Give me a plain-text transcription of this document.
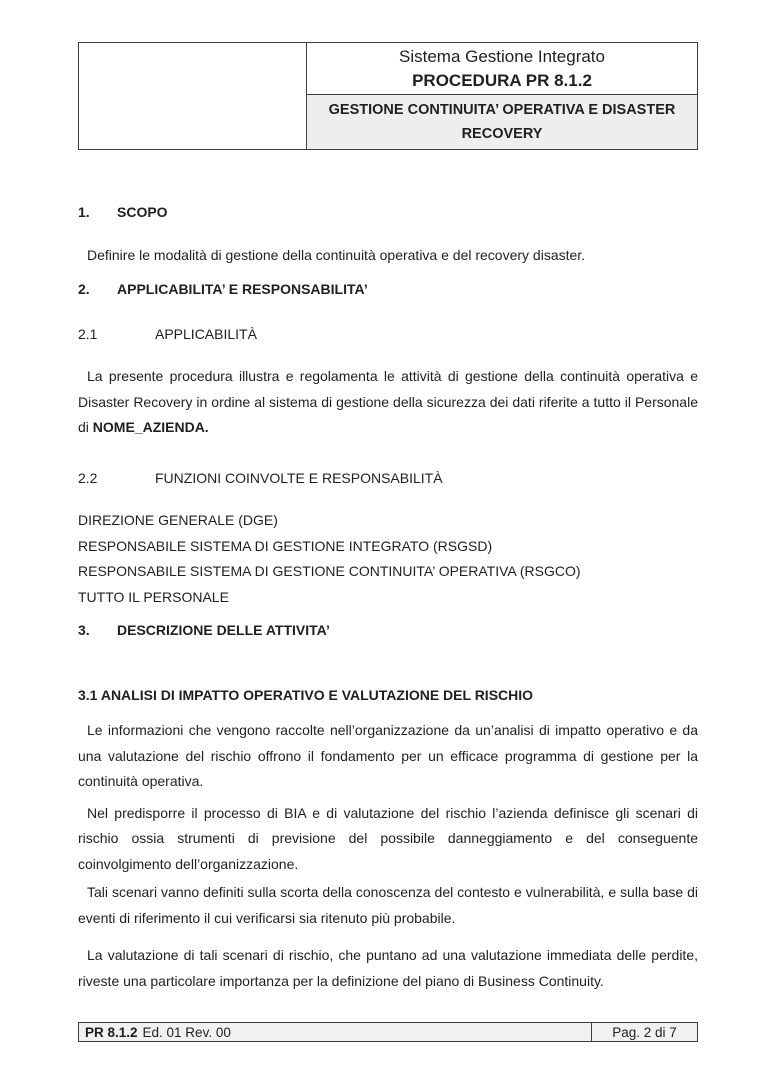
Sistema Gestione Integrato
PROCEDURA PR 8.1.2
GESTIONE CONTINUITA’ OPERATIVA E DISASTER RECOVERY
1.	SCOPO
Definire le modalità di gestione della continuità operativa e del recovery disaster.
2.	APPLICABILITA’ E RESPONSABILITA’
2.1	APPLICABILITÀ
La presente procedura illustra e regolamenta le attività di gestione della continuità operativa e Disaster Recovery in ordine al sistema di gestione della sicurezza dei dati riferite a tutto il Personale di NOME_AZIENDA.
2.2	FUNZIONI COINVOLTE E RESPONSABILITÀ
DIREZIONE GENERALE (DGE)
RESPONSABILE SISTEMA DI GESTIONE INTEGRATO (RSGSD)
RESPONSABILE SISTEMA DI GESTIONE CONTINUITA’ OPERATIVA (RSGCO)
TUTTO IL PERSONALE
3.	DESCRIZIONE DELLE ATTIVITA’
3.1 ANALISI DI IMPATTO OPERATIVO E VALUTAZIONE DEL RISCHIO
Le informazioni che vengono raccolte nell’organizzazione da un’analisi di impatto operativo e da una valutazione del rischio offrono il fondamento per un efficace programma di gestione per la continuità operativa.
Nel predisporre il processo di BIA e di valutazione del rischio l’azienda definisce gli scenari di rischio ossia strumenti di previsione del possibile danneggiamento e del conseguente coinvolgimento dell’organizzazione.
Tali scenari vanno definiti sulla scorta della conoscenza del contesto e vulnerabilità, e sulla base di eventi di riferimento il cui verificarsi sia ritenuto più probabile.
La valutazione di tali scenari di rischio, che puntano ad una valutazione immediata delle perdite, riveste una particolare importanza per la definizione del piano di Business Continuity.
PR 8.1.2 Ed. 01 Rev. 00	Pag. 2 di 7
